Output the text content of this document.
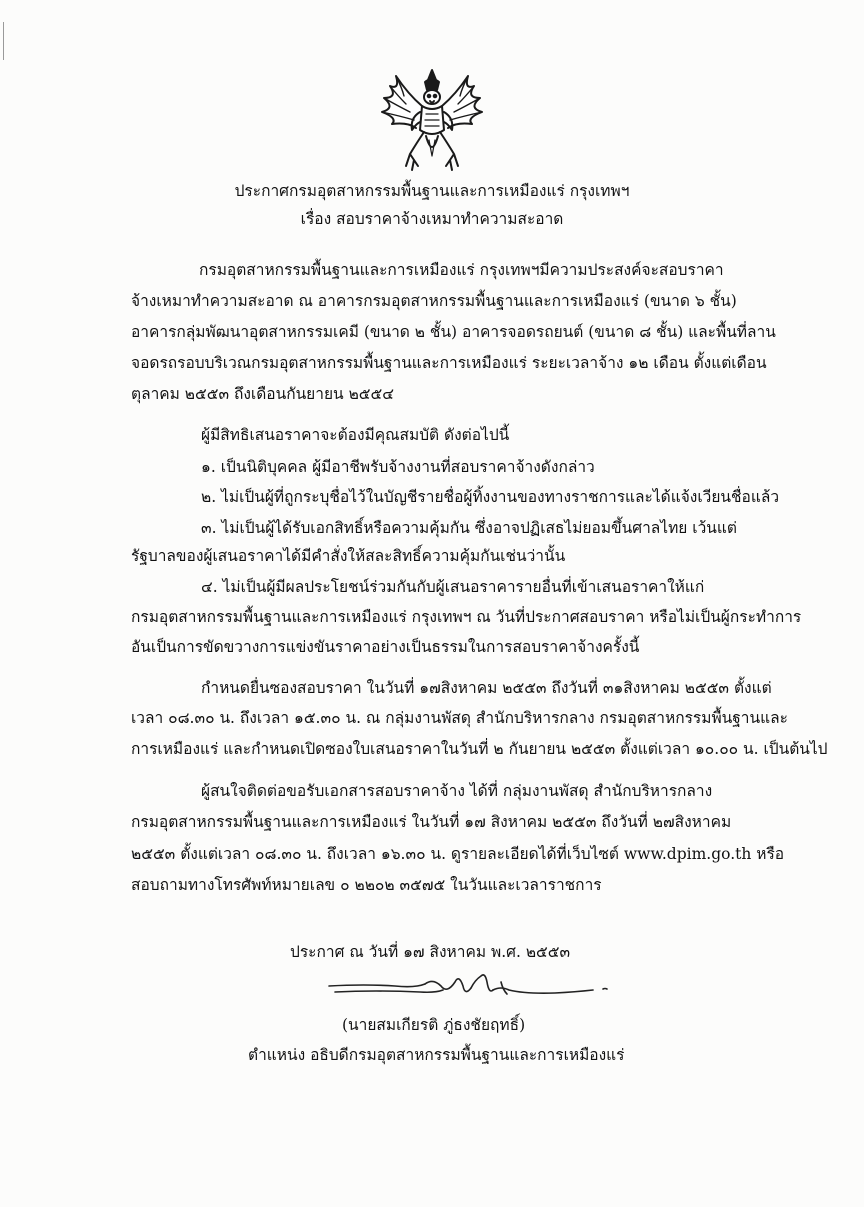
ประกาศกรมอุตสาหกรรมพื้นฐานและการเหมืองแร่ กรุงเทพฯ
เรื่อง สอบราคาจ้างเหมาทำความสะอาด
กรมอุตสาหกรรมพื้นฐานและการเหมืองแร่ กรุงเทพฯมีความประสงค์จะสอบราคา
จ้างเหมาทำความสะอาด ณ อาคารกรมอุตสาหกรรมพื้นฐานและการเหมืองแร่ (ขนาด ๖ ชั้น)
อาคารกลุ่มพัฒนาอุตสาหกรรมเคมี (ขนาด ๒ ชั้น) อาคารจอดรถยนต์ (ขนาด ๘ ชั้น) และพื้นที่ลาน
จอดรถรอบบริเวณกรมอุตสาหกรรมพื้นฐานและการเหมืองแร่ ระยะเวลาจ้าง ๑๒ เดือน ตั้งแต่เดือน
ตุลาคม ๒๕๕๓ ถึงเดือนกันยายน ๒๕๕๔
ผู้มีสิทธิเสนอราคาจะต้องมีคุณสมบัติ ดังต่อไปนี้
๑. เป็นนิติบุคคล ผู้มีอาชีพรับจ้างงานที่สอบราคาจ้างดังกล่าว
๒. ไม่เป็นผู้ที่ถูกระบุชื่อไว้ในบัญชีรายชื่อผู้ทิ้งงานของทางราชการและได้แจ้งเวียนชื่อแล้ว
๓. ไม่เป็นผู้ได้รับเอกสิทธิ์หรือความคุ้มกัน ซึ่งอาจปฏิเสธไม่ยอมขึ้นศาลไทย เว้นแต่
รัฐบาลของผู้เสนอราคาได้มีคำสั่งให้สละสิทธิ์ความคุ้มกันเช่นว่านั้น
๔. ไม่เป็นผู้มีผลประโยชน์ร่วมกันกับผู้เสนอราคารายอื่นที่เข้าเสนอราคาให้แก่
กรมอุตสาหกรรมพื้นฐานและการเหมืองแร่ กรุงเทพฯ ณ วันที่ประกาศสอบราคา หรือไม่เป็นผู้กระทำการ
อันเป็นการขัดขวางการแข่งขันราคาอย่างเป็นธรรมในการสอบราคาจ้างครั้งนี้
กำหนดยื่นซองสอบราคา ในวันที่ ๑๗สิงหาคม ๒๕๕๓ ถึงวันที่ ๓๑สิงหาคม ๒๕๕๓ ตั้งแต่
เวลา ๐๘.๓๐ น. ถึงเวลา ๑๕.๓๐ น. ณ กลุ่มงานพัสดุ สำนักบริหารกลาง กรมอุตสาหกรรมพื้นฐานและ
การเหมืองแร่ และกำหนดเปิดซองใบเสนอราคาในวันที่ ๒ กันยายน ๒๕๕๓ ตั้งแต่เวลา ๑๐.๐๐ น. เป็นต้นไป
ผู้สนใจติดต่อขอรับเอกสารสอบราคาจ้าง ได้ที่ กลุ่มงานพัสดุ สำนักบริหารกลาง
กรมอุตสาหกรรมพื้นฐานและการเหมืองแร่ ในวันที่ ๑๗ สิงหาคม ๒๕๕๓ ถึงวันที่ ๒๗สิงหาคม
๒๕๕๓ ตั้งแต่เวลา ๐๘.๓๐ น. ถึงเวลา ๑๖.๓๐ น. ดูรายละเอียดได้ที่เว็บไซต์ www.dpim.go.th หรือ
สอบถามทางโทรศัพท์หมายเลข ๐ ๒๒๐๒ ๓๕๗๕ ในวันและเวลาราชการ
ประกาศ ณ วันที่ ๑๗ สิงหาคม พ.ศ. ๒๕๕๓
(นายสมเกียรติ ภู่ธงชัยฤทธิ์)
ตำแหน่ง อธิบดีกรมอุตสาหกรรมพื้นฐานและการเหมืองแร่
